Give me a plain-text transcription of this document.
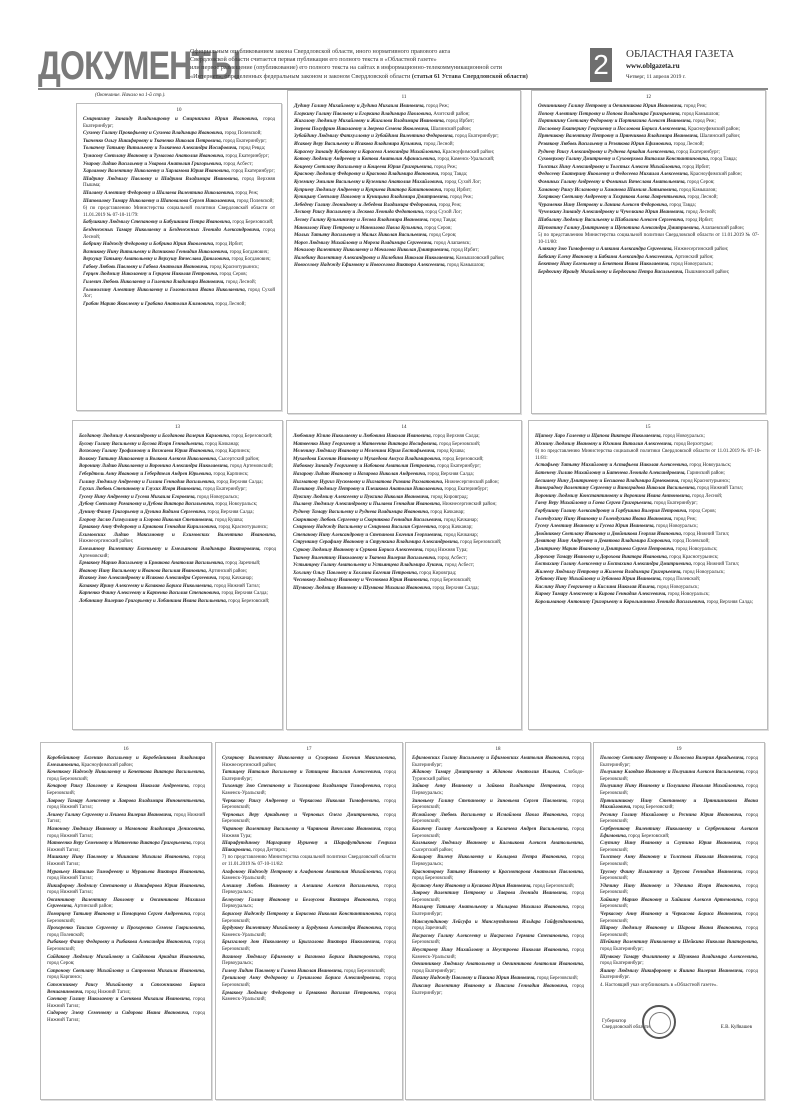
ДОКУМЕНТЫ
Официальным опубликованием закона Свердловской области, иного нормативного правового акта
Свердловской области считается первая публикация его полного текста в «Областной газете»
или первое размещение (опубликование) его полного текста на сайтах в информационно-телекоммуникационной сети
«Интернет», определенных федеральным законом и законом Свердловской области (статья 61 Устава Свердловской области)	2 ОБЛАСТНАЯ ГАЗЕТА
www.oblgazeta.ru
Четверг, 11 апреля 2019 г.
(Окончание. Начало на 1-й стр.).
10
Смирнягину Зинаиду Владимировну и Смирнягина Юрия Ивановича, город Екатеринбург;
Сухневу Галину Прокофьевну и Сухнева Владимира Ивановича, город Полевской;
Ткаченко Ольгу Никифоровну и Ткаченко Николая Петровича, город Екатеринбург;
Толкачеву Татьяну Витальевну и Толкачева Александра Иосифовича, город Ревда;
Тумасову Светлану Ивановну и Тумасова Анатолия Ивановича, город Екатеринбург;
Уварову Лидию Васильевну и Уварова Анатолия Григорьевича, город Асбест;
Харламову Валентину Николаевну и Харламова Юрия Ивановича, город Екатеринбург;
Шадрину Людмилу Павловну и Шадрина Владимира Ивановича, город Верхняя Пышма;
Шалаеву Алевтину Федоровну и Шалаева Валентина Николаевича, город Реж;
Шаповалову Тамару Николаевну и Шаповалова Сергея Николаевича, город Полевской;
6) по представлению Министерства социальной политики Свердловской области от 11.01.2019 № 07-10-11/79:
Бабушкину Людмилу Степановну и Бабушкина Петра Ивановича, город Березовский;
Безденежных Тамару Николаевну и Безденежных Леонида Александровича, город Лесной;
Бобрину Надежду Федоровну и Бобрина Юрия Яковлевича, город Ирбит;
Вазникову Нину Витальевну и Вазникова Геннадия Николаевича, город Богданович;
Верхушу Татьяну Анатольевну и Верхушу Вячеслава Даниловича, город Богданович;
Габову Любовь Павловну и Габова Анатолия Ивановича, город Краснотурьинск;
Герцен Людмилу Николаевну и Герцена Николая Петровича, город Серов;
Гилевич Любовь Николаевну и Гилевича Владимира Ивановича, город Лесной;
Голомолзину Алевтину Николаевну и Голомолзина Ивана Николаевича, город Сухой Лог;
Грабан Марию Яковлевну и Грабана Анатолия Климовича, город Лесной;
11
Дудину Галину Михайловну и Дудина Михаила Ивановича, город Реж;
Егоркину Галину Павловну и Егоркина Владимира Павловича, Ачитский район;
Жигалову Людмилу Михайловну и Жигалова Владимира Ивановича, город Ирбит;
Зверева Полуфрию Николаевну и Зверева Семена Яковлевича, Шалинский район;
Зубайдину Людмилу Фатхулловну и Зубайдина Валентина Федоровича, город Екатеринбург;
Исакову Веру Васильевну и Исакова Владимира Кузьмича, город Лесной;
Карасеву Зинаиду Кубаковну и Карасева Александра Михайловича, Красноуфимский район;
Котову Людмилу Андреевну и Котова Анатолия Афанасьевича, город Каменск-Уральский;
Кощееву Светлану Васильевну и Кощеева Юрия Григорьевича, город Реж;
Краснову Людмилу Федоровну и Краснова Владимира Ивановича, город Тавда;
Куземину Эмилию Васильевну и Куземина Анатолия Михайловича, город Сухой Лог;
Куприеву Людмилу Андреевну и Куприева Виктора Капитоновича, город Ирбит;
Куницыну Светлану Павловну и Куницына Владимира Дмитриевича, город Реж;
Лебедеву Галину Леонидовну и Лебедева Владимира Федоровича, город Реж;
Лескову Раису Васильевну и Лескова Леонида Федотовича, город Сухой Лог;
Лесову Галину Кузьминичну и Лесова Владимира Ивановича, город Тавда;
Маноилову Нину Петровну и Маноилова Павла Кузьмича, город Серов;
Малых Татьяну Васильевну и Малых Николая Васильевича, город Серов;
Мороз Людмилу Михайловну и Мороза Владимира Сергеевича, город Алапаевск;
Мочалову Валентину Николаевну и Мочалова Николая Дмитриевича, город Ирбит;
Налобину Валентину Александровну и Налобина Николая Николаевича, Камышловский район;
Новоселову Надежду Ефимовну и Новоселова Виктора Алексеевича, город Камышлов;
12
Овчинникову Галину Петровну и Овчинникова Юрия Ивановича, город Реж;
Попову Алевтину Петровну и Попова Владимира Григорьевича, город Камышлов;
Портнягину Светлану Федоровну и Портнягина Алексея Ивановича, город Реж;
Пословову Екатерину Георгиевну и Пословова Бориса Алексеевича, Красноуфимский район;
Прянчикову Валентину Петровну и Прянчикова Владимира Ивановича, Шалинский район;
Резвякову Любовь Васильевну и Резвякова Юрия Ефимовича, город Лесной;
Рудневу Раису Александровну и Руднева Аркадия Алексеевича, город Екатеринбург;
Суховерхову Галину Дмитриевну и Суховерхова Виталия Константиновича, город Тавда;
Толстых Нину Александровну и Толстых Алексея Михайловича, город Ирбит;
Федосееву Екатерину Яковлевну и Федосеева Михаила Алексеевича, Красноуфимский район;
Фоминых Галину Андреевну и Фоминых Вячеслава Анатольевича, город Серов;
Хаманову Раису Исламовну и Хаманова Шамиля Латыповича, город Камышлов;
Хохрякову Светлану Андреевну и Хохрякова Алека Лаврентьевича, город Лесной;
Чураменко Нину Петровну и Ланина Алексея Федоровича, город Тавда;
Чучелкину Зинаиду Александровну и Чучелкина Юрия Ивановича, город Лесной;
Шабалину Людмилу Васильевну и Шабалина Алексея Сергеевича, город Ирбит;
Щепотину Галину Дмитриевну и Щепотина Александра Дмитриевича, Алапаевский район;
5) по представлению Министерства социальной политики Свердловской области от 11.01.2019 № 07-10-11/80:
Алякину Зою Тимофеевну и Алякина Александра Сергеевича, Нижнесергинский район;
Бабкину Елену Ивановну и Бабкина Александра Алексеевича, Артинский район;
Бекетову Нину Евгеньевну и Бекетова Ивана Николаевича, город Новоуральск;
Бердюгину Ираиду Михайловну и Бердюгина Петра Васильевича, Пышминский район;
13
Богданову Людмилу Александровну и Богданова Валерия Карловича, город Березовский;
Бусову Галину Васильевну и Бусова Игоря Геннадьевича, город Качканар;
Возжаеву Галину Трофимовну и Возжаева Юрия Ивановича, город Карпинск;
Волкову Татьяну Николаевну и Волкова Алексея Николаевича, Сысертский район;
Воронину Лидию Николаевну и Воронина Александра Николаевича, город Артемовский;
Гебердтель Анну Ивановну и Гебердтеля Андрея Юрьевича, город Карпинск;
Гилину Людмилу Андреевну и Гилина Геннадия Васильевича, город Верхняя Салда;
Глухих Любовь Степановну и Глухих Игоря Ивановича, город Екатеринбург;
Гусеву Нину Андреевну и Гусева Михаила Егоровича, город Новоуральск;
Дубову Светлану Романовну и Дубова Виктора Васильевича, город Новоуральск;
Дунину Фаину Григорьевну и Дунина Вадима Сергеевича, город Верхняя Салда;
Егорову Заслю Гизмуллину и Егорова Николая Степановича, город Кушва;
Ермакову Анну Федоровну и Ермакова Геннадия Кирилловича, город Краснотурьинск;
Ехимовских Лидию Максимовну и Ехимовских Валентина Ивановича, Нижнесергинский район;
Емельянову Валентину Евгеньевну и Емельянова Владимира Викторовича, город Артемовский;
Ермакову Марию Васильевну и Ермакова Анатолия Васильевича, город Заречный;
Иванову Нину Васильевну и Иванова Василия Ивановича, Артинский район;
Исакову Зою Александровну и Исакова Александра Сергеевича, город Качканар;
Казакову Ирину Алексеевну и Казакова Бориса Николаевича, город Нижний Тагил;
Карпенко Фаину Алексеевну и Карпенко Василия Степановича, город Верхняя Салда;
Лобанкину Валерию Григорьевну и Лобанкина Ивана Васильевича, город Березовский;
14
Любовину Юлию Николаевну и Любовина Николая Ивановича, город Верхняя Салда;
Матвеенко Нину Георгиевну и Матвеенко Виктора Иосифовича, город Березовский;
Меленину Людмилу Ивановну и Меленина Юрия Евстафьевича, город Кушва;
Мухаедова Евгению Ивановну и Мухаедова Ансуса Владимировича, город Березовский;
Набокову Зинаиду Георгиевну и Набокова Анатолия Петровича, город Екатеринбург;
Назарову Лидию Ивановну и Назарова Николая Андреевича, город Верхняя Салда;
Нигматову Нургиз Нусюмовну и Нигматова Ризвана Рахматовича, Нижнесергинский район;
Плешкову Людмилу Петровну и Плешкова Анатолия Николаевича, город Екатеринбург;
Пуксину Людмилу Алексеевну и Пуксина Николая Ивановича, город Кировград;
Пылаеву Людмилу Александровну и Пылаева Геннадия Ивановича, Нижнесергинский район;
Рудневу Тамару Васильевну и Руднева Владимира Ивановича, город Качканар;
Скорнякову Любовь Сергеевну и Скорнякова Геннадия Васильевича, город Качканар;
Смирнову Надежду Васильевну и Смирнова Василия Сергеевича, город Качканар;
Степанову Нину Александровну и Степанова Евгения Георгиевича, город Качканар;
Стрункину Серафиму Ивановну и Стрункина Владимира Александровича, город Березовский;
Суркову Людмилу Ивановну и Суркова Бориса Алексеевича, город Нижняя Тура;
Ткачеву Валентину Николаевну и Ткачева Валерия Васильевича, город Асбест;
Устьянцеву Галину Анатольевну и Устьянцева Владимира Лукича, город Асбест;
Хохлину Ольгу Павловну и Хохлина Евгения Петровича, город Кировград;
Чеснокову Людмилу Ивановну и Чеснокова Юрия Ивановича, город Березовский;
Шумкову Людмилу Ивановну и Шумкова Михаила Ивановича, город Верхняя Салда;
15
Щапову Ларо Галеевну и Щапова Виктора Николаевича, город Новоуральск;
Юхнину Людмилу Ивановну и Юхнина Виталия Алексеевича, город Верхотурье;
6) по представлению Министерства социальной политики Свердловской области от 11.01.2019 № 07-10-11/81:
Астафьеву Татьяну Михайловну и Астафьева Николая Алексеевича, город Новоуральск;
Батеневу Лилию Михайловну и Батенева Леонида Александровича, Гаринский район;
Бесшаеву Нину Дмитриевну и Бесшаева Владимира Ермековича, город Краснотурьинск;
Виноградову Валентину Сергеевну и Виноградова Николая Васильевича, город Нижний Тагил;
Воронину Людмилу Константиновну и Воронина Ивана Антоновича, город Лесной;
Гаеву Веру Михайловну и Гаева Сергея Григорьевича, город Екатеринбург;
Горбушину Галину Александровну и Горбушина Валерия Петровича, город Серов;
Голендухину Нину Ивановну и Голендухина Ивана Ивановича, город Реж;
Гусеву Алевтину Ивановну и Гусева Юрия Ивановича, город Новоуральск;
Двойникову Светлану Ивановну и Двойникова Георгия Ивановича, город Нижний Тагил;
Девятову Нину Андреевну и Девятова Владимира Егоровича, город Полевской;
Дмитриеву Марию Ивановну и Дмитриева Сергея Петровича, город Новоуральск;
Дорохову Тамару Ивановну и Дорохова Виктора Ивановича, город Краснотурьинск;
Евстахину Галину Алексеевну и Евстахина Александра Дмитриевича, город Нижний Тагил;
Жилееву Людмилу Петровну и Жилеева Владимира Григорьевича, город Новоуральск;
Зубанову Нину Михайловну и Зубанова Юрия Ивановича, город Полевской;
Кислину Нину Георгиевну и Кислина Николая Ильича, город Новоуральск;
Кирову Тамару Алексеевну и Кирова Геннадия Алексеевича, город Новоуральск;
Корольманову Антонину Григорьевну и Корольманова Леонида Васильевича, город Верхняя Салда;
16
Коробейникову Евгению Васильевну и Коробейникова Владимира Емельяновича, Красноуфимский район;
Кочеткову Надежду Николаевну и Кочеткова Виктора Васильевича, город Березовский;
Кочарову Раису Павловну и Кочарова Николая Андреевича, город Березовский;
Лаврову Тамару Алексеевну и Лаврова Владимира Иннокентьевича, город Нижний Тагил;
Лешеву Галину Сергеевну и Лешева Валерия Ивановича, город Нижний Тагил;
Мамонову Людмилу Ивановну и Мамонова Владимира Денисовича, город Нижний Тагил;
Матвеенко Веру Семеновну и Матвеенко Виктора Григорьевича, город Нижний Тагил;
Мишкину Нину Павловну и Мишкина Михаила Ивановича, город Нижний Тагил;
Муравьеву Наталью Тимофеевну и Муравьева Виктора Ивановича, город Нижний Тагил;
Никифорову Людмилу Степановну и Никифорова Юрия Ивановича, город Нижний Тагил;
Овсянникову Валентину Павловну и Овсянникова Михаила Сергеевича, Артинский район;
Поморцеву Татьяну Ивановну и Поморцева Сергея Андреевича, город Березовский;
Прохоренко Таисию Сергеевну и Прохоренко Семена Гавриловича, город Полевской;
Рыбакову Фаину Федоровну и Рыбакова Александра Ивановича, город Березовский;
Сайдакову Людмилу Михайловну и Сайдакова Аркадия Ивановича, город Серов;
Сапронову Светлану Михайловну и Сапронова Михаила Ивановича, город Карпинск;
Сапожникову Раису Михайловну и Сапожникова Бориса Вениаминовича, город Нижний Тагил;
Саенкову Галину Николаевну и Саенкова Михаила Ивановича, город Нижний Тагил;
Сидорову Элеку Семеновну и Сидорова Ивана Ивановича, город Нижний Тагил;
17
Сухоркову Валентину Николаевну и Сухоркова Евгения Максимовича, Нижнесергинский район;
Татищеву Наталью Васильевну и Татищева Василия Алексеевича, город Екатеринбург;
Тихомиру Зою Степановну и Тихомирова Владимира Тимофеевича, город Каменск-Уральский;
Черкасову Раису Андреевну и Черкасова Николая Тимофеевича, город Березовский;
Черновых Веру Аркадьевну и Черновых Олега Дмитриевича, город Березовский;
Чирянову Валентину Васильевну и Чирянова Вячеслава Ивановича, город Нижняя Тура;
Шарафутдинову Маргариту Нуриевну и Шарафутдинова Генриха Шакировича, город Дегтярск;
7) по представлению Министерства социальной политики Свердловской области от 11.01.2019 № 07-10-11/82:
Агафонову Надежду Петровну и Агафонова Анатолия Михайловича, город Каменск-Уральский;
Алешину Любовь Ивановну и Алешина Алексея Васильевича, город Первоуральск;
Белоусову Галину Ивановну и Белоусова Виктора Ивановича, город Первоуральск;
Борисову Надежду Петровну и Борисова Николая Константиновича, город Березовский;
Бурдукову Валентину Михайловну и Бурдукова Александра Ивановича, город Каменск-Уральский;
Брызгалову Зою Николаевну и Брызгалова Виктора Николаевича, город Березовский;
Ваганову Людмилу Ефимовну и Ваганова Бориса Викторовича, город Первоуральск;
Гилеву Лидию Павловну и Гилева Николая Ивановича, город Березовский;
Грешилову Анну Федоровну и Грешилова Бориса Александровича, город Березовский;
Ермакову Людмилу Федоровну и Ермакова Василия Петровича, город Каменск-Уральский;
18
Ефимовских Галину Васильевну и Ефимовских Анатолия Ивановича, город Екатеринбург;
Жданову Тамару Дмитриевну и Жданова Анатолия Ильича, Слободо-Туринский район;
Зайкову Анну Ивановну и Зайкова Владимира Петровича, город Первоуральск;
Зиновьеву Галину Степановну и Зиновьева Сергея Павловича, город Березовский;
Исмайлову Любовь Васильевну и Исмайлова Павла Ивановича, город Березовский;
Калачеву Галину Александровну и Калачева Андрея Васильевича, город Березовский;
Калмыкову Людмилу Ивановну и Калмыкова Алексея Анатольевича, Сысертский район;
Кольцову Вилену Николаевну и Кольцова Петра Ивановича, город Первоуральск;
Красноторову Татьяну Ивановну и Красноторова Анатолия Павловича, город Березовский;
Кусакову Анну Ивановну и Кусакова Юрия Ивановича, город Березовский;
Лаврову Валентину Петровну и Лаврова Леонида Ивановича, город Березовский;
Мальцеву Татьяну Анатольевну и Мальцева Михаила Ивановича, город Екатеринбург;
Мансмутдинову Лейсуфа и Мансмутдинова Ильдара Гайфутдиновича, город Заречный;
Насрасову Галину Алексеевну и Насрасова Германа Степановича, город Березовский;
Неустроеву Нину Михайловну и Неустроева Николая Ивановича, город Каменск-Уральский;
Овчинникову Людмилу Анатольевну и Овчинникова Анатолия Ивановича, город Екатеринбург;
Пакину Надежду Павловну и Пакина Юрия Ивановича, город Березовский;
Пиксину Валентину Ивановну и Пиксина Геннадия Ивановича, город Екатеринбург;
19
Полосову Светлану Петровну и Полосова Валерия Аркадьевича, город Екатеринбург;
Полушину Клавдию Ивановну и Полушина Алексея Васильевича, город Березовский;
Полушину Нину Ивановну и Полушина Николая Михайловича, город Березовский;
Прянишникову Нину Степановну и Прянишникова Ивана Михайловича, город Березовский;
Реснину Галину Михайловну и Реснина Юрия Ивановича, город Березовский;
Сербреникову Валентину Николаевну и Сербреникова Алексея Ефимовича, город Березовский;
Слутину Нину Ивановну и Слутина Юрия Ивановича, город Березовский;
Толстову Анну Ивановну и Толстова Николая Ивановича, город Березовский;
Трусову Фаину Ильиничну и Трусова Геннадия Ивановича, город Березовский;
Удачину Нину Ивановну и Удачина Игоря Ивановича, город Березовский;
Хайкину Марию Ивановну и Хайкина Алексея Артемовича, город Березовский;
Черкасову Анну Ивановну и Черкасова Бориса Ивановича, город Березовский;
Шарову Людмилу Ивановну и Шарова Ивана Ивановича, город Березовский;
Шейкину Валентину Николаевну и Шейкина Николая Викторовича, город Екатеринбург;
Шумкову Тамару Филипповну и Шумкова Владимира Алексеевича, город Екатеринбург;
Яшину Людмилу Никифоровну и Яшина Валерия Ивановича, город Екатеринбург.
4. Настоящий указ опубликовать в «Областной газете».
Губернатор
Свердловской области	Е.В. Куйвашев
